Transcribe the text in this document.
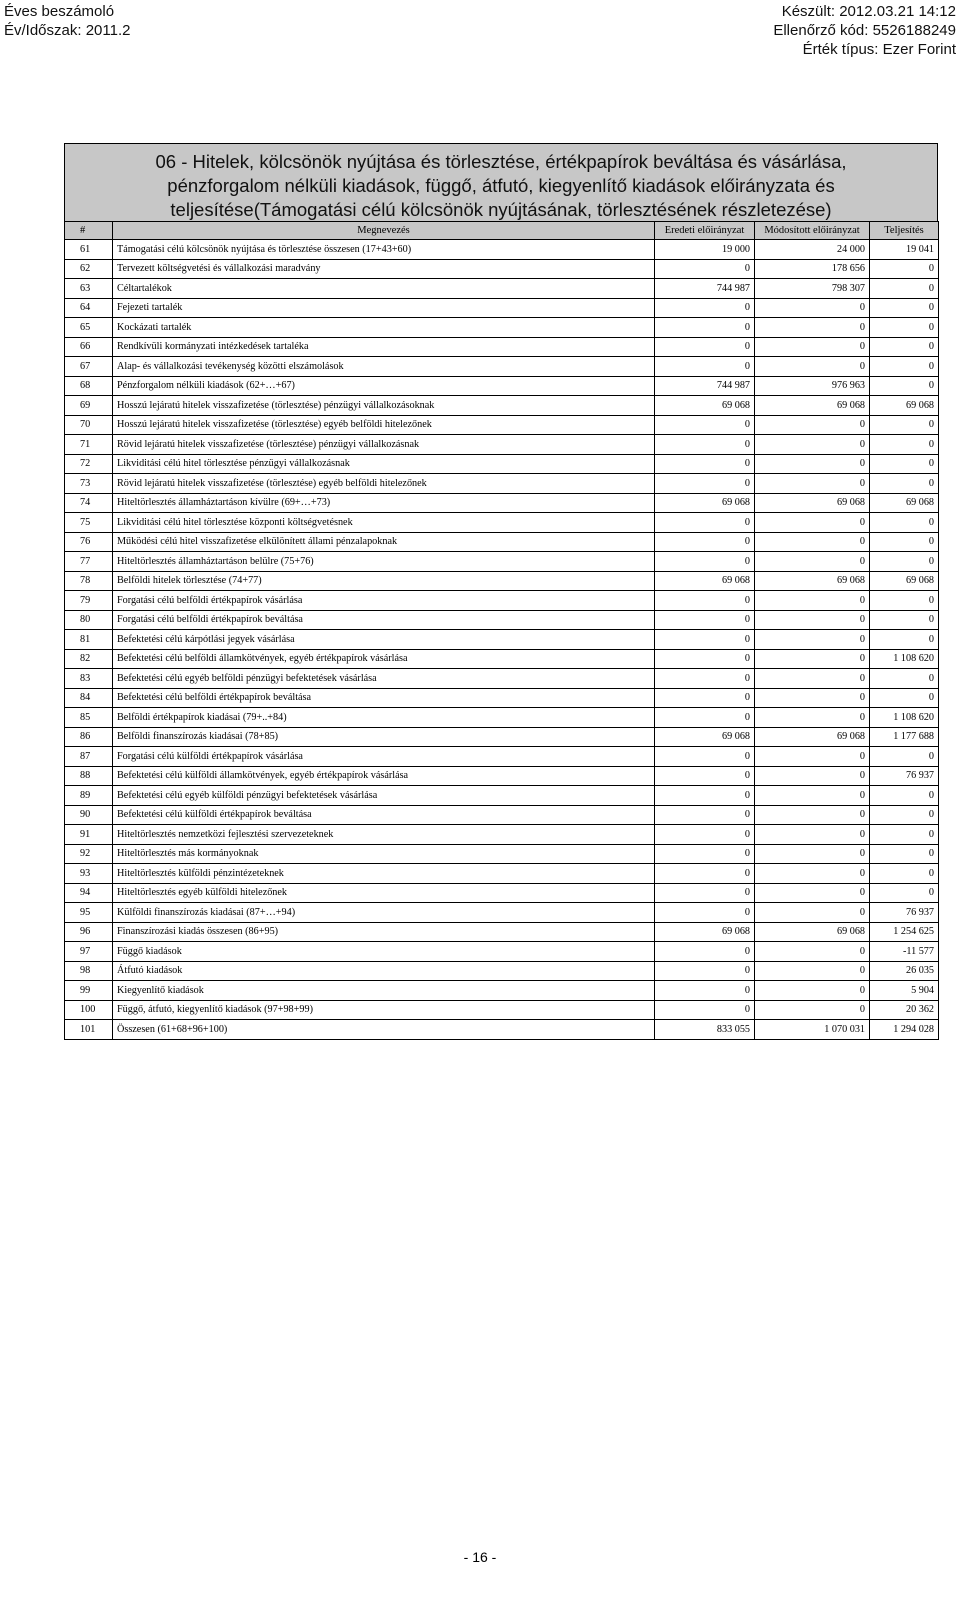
Éves beszámoló
Év/Időszak: 2011.2
Készült: 2012.03.21 14:12
Ellenőrző kód: 5526188249
Érték típus: Ezer Forint
06 - Hitelek, kölcsönök nyújtása és törlesztése, értékpapírok beváltása és vásárlása,
pénzforgalom nélküli kiadások, függő, átfutó, kiegyenlítő kiadások előirányzata és
teljesítése(Támogatási célú kölcsönök nyújtásának, törlesztésének részletezése)
#	Megnevezés	Eredeti előirányzat	Módosított előirányzat	Teljesítés
61	Támogatási célú kölcsönök nyújtása és törlesztése összesen (17+43+60)	19 000	24 000	19 041
62	Tervezett költségvetési és vállalkozási maradvány	0	178 656	0
63	Céltartalékok	744 987	798 307	0
64	Fejezeti tartalék	0	0	0
65	Kockázati tartalék	0	0	0
66	Rendkívüli kormányzati intézkedések tartaléka	0	0	0
67	Alap- és vállalkozási tevékenység közötti elszámolások	0	0	0
68	Pénzforgalom nélküli kiadások (62+…+67)	744 987	976 963	0
69	Hosszú lejáratú hitelek visszafizetése (törlesztése) pénzügyi vállalkozásoknak	69 068	69 068	69 068
70	Hosszú lejáratú hitelek visszafizetése (törlesztése) egyéb belföldi hitelezőnek	0	0	0
71	Rövid lejáratú hitelek visszafizetése (törlesztése) pénzügyi vállalkozásnak	0	0	0
72	Likviditási célú hitel törlesztése pénzügyi vállalkozásnak	0	0	0
73	Rövid lejáratú hitelek visszafizetése (törlesztése) egyéb belföldi hitelezőnek	0	0	0
74	Hiteltörlesztés államháztartáson kívülre (69+…+73)	69 068	69 068	69 068
75	Likviditási célú hitel törlesztése központi költségvetésnek	0	0	0
76	Működési célú hitel visszafizetése elkülönített állami pénzalapoknak	0	0	0
77	Hiteltörlesztés államháztartáson belülre (75+76)	0	0	0
78	Belföldi hitelek törlesztése (74+77)	69 068	69 068	69 068
79	Forgatási célú belföldi értékpapírok vásárlása	0	0	0
80	Forgatási célú belföldi értékpapírok beváltása	0	0	0
81	Befektetési célú kárpótlási jegyek vásárlása	0	0	0
82	Befektetési célú belföldi államkötvények, egyéb értékpapírok vásárlása	0	0	1 108 620
83	Befektetési célú egyéb belföldi pénzügyi befektetések vásárlása	0	0	0
84	Befektetési célú belföldi értékpapírok beváltása	0	0	0
85	Belföldi értékpapírok kiadásai (79+..+84)	0	0	1 108 620
86	Belföldi finanszírozás kiadásai (78+85)	69 068	69 068	1 177 688
87	Forgatási célú külföldi értékpapírok vásárlása	0	0	0
88	Befektetési célú külföldi államkötvények, egyéb értékpapírok vásárlása	0	0	76 937
89	Befektetési célú egyéb külföldi pénzügyi befektetések vásárlása	0	0	0
90	Befektetési célú külföldi értékpapírok beváltása	0	0	0
91	Hiteltörlesztés nemzetközi fejlesztési szervezeteknek	0	0	0
92	Hiteltörlesztés más kormányoknak	0	0	0
93	Hiteltörlesztés külföldi pénzintézeteknek	0	0	0
94	Hiteltörlesztés egyéb külföldi hitelezőnek	0	0	0
95	Külföldi finanszírozás kiadásai (87+…+94)	0	0	76 937
96	Finanszírozási kiadás összesen (86+95)	69 068	69 068	1 254 625
97	Függő kiadások	0	0	-11 577
98	Átfutó kiadások	0	0	26 035
99	Kiegyenlítő kiadások	0	0	5 904
100	Függő, átfutó, kiegyenlítő kiadások (97+98+99)	0	0	20 362
101	Összesen (61+68+96+100)	833 055	1 070 031	1 294 028
- 16 -
